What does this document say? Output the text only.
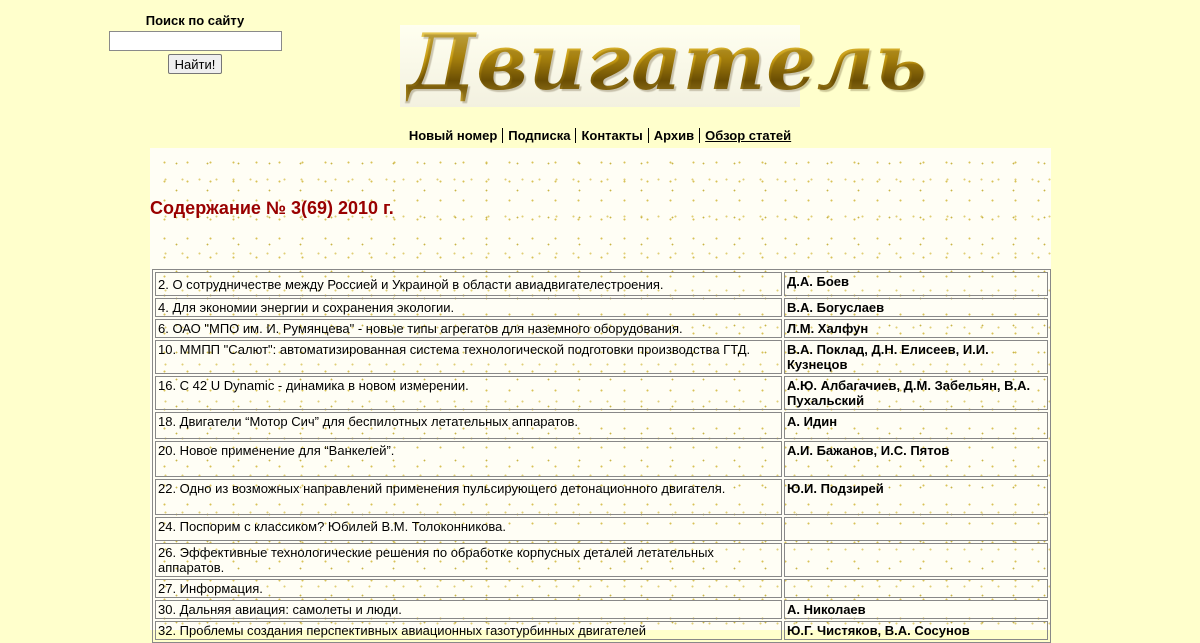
Поиск по сайту
Найти!	Двигатель
Новый номер Подписка Контакты Архив Обзор статей
Содержание № 3(69) 2010 г.
2. О сотрудничестве между Россией и Украиной в области авиадвигателестроения.	Д.А. Боев
4. Для экономии энергии и сохранения экологии.	В.А. Богуслаев
6. ОАО "МПО им. И. Румянцева" - новые типы агрегатов для наземного оборудования.	Л.М. Халфун
10. ММПП "Салют": автоматизированная система технологической подготовки производства ГТД.	В.А. Поклад, Д.Н. Елисеев, И.И. Кузнецов
16. C 42 U Dynamic - динамика в новом измерении.	А.Ю. Албагачиев, Д.М. Забельян, В.А. Пухальский
18. Двигатели “Мотор Сич” для беспилотных летательных аппаратов.	А. Идин
20. Новое применение для “Ванкелей”.	А.И. Бажанов, И.С. Пятов
22. Одно из возможных направлений применения пульсирующего детонационного двигателя.	Ю.И. Подзирей
24. Поспорим с классиком? Юбилей В.М. Толоконникова.	
26. Эффективные технологические решения по обработке корпусных деталей летательных аппаратов.	
27. Информация.	
30. Дальняя авиация: самолеты и люди.	А. Николаев
32. Проблемы создания перспективных авиационных газотурбинных двигателей	Ю.Г. Чистяков, В.А. Сосунов
